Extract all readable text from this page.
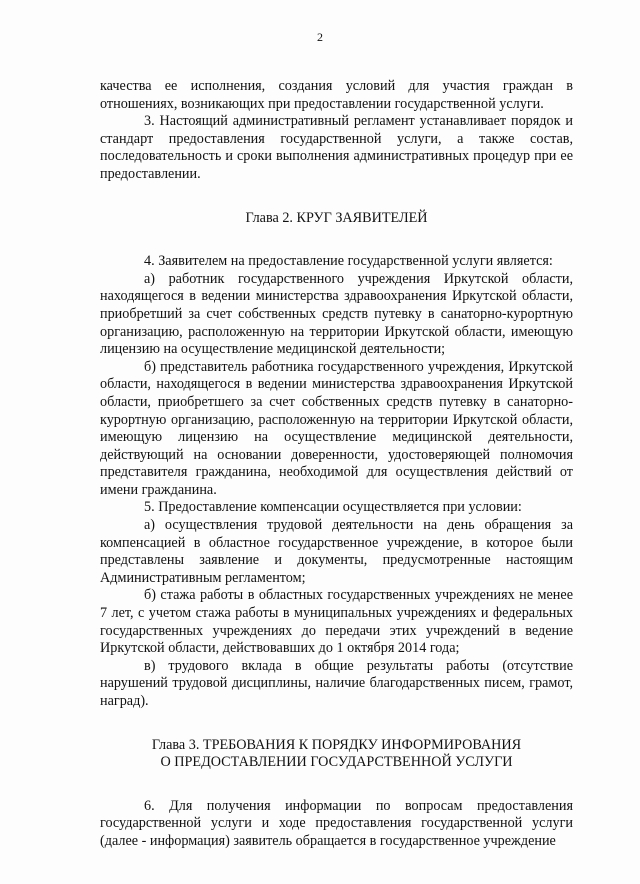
2

качества ее исполнения, создания условий для участия граждан в отношениях, возникающих при предоставлении государственной услуги.

3. Настоящий административный регламент устанавливает порядок и стандарт предоставления государственной услуги, а также состав, последовательность и сроки выполнения административных процедур при ее предоставлении.

Глава 2. КРУГ ЗАЯВИТЕЛЕЙ

4. Заявителем на предоставление государственной услуги является:

а) работник государственного учреждения Иркутской области, находящегося в ведении министерства здравоохранения Иркутской области, приобретший за счет собственных средств путевку в санаторно-курортную организацию, расположенную на территории Иркутской области, имеющую лицензию на осуществление медицинской деятельности;

б) представитель работника государственного учреждения, Иркутской области, находящегося в ведении министерства здравоохранения Иркутской области, приобретшего за счет собственных средств путевку в санаторно-курортную организацию, расположенную на территории Иркутской области, имеющую лицензию на осуществление медицинской деятельности, действующий на основании доверенности, удостоверяющей полномочия представителя гражданина, необходимой для осуществления действий от имени гражданина.

5. Предоставление компенсации осуществляется при условии:

а) осуществления трудовой деятельности на день обращения за компенсацией в областное государственное учреждение, в которое были представлены заявление и документы, предусмотренные настоящим Административным регламентом;

б) стажа работы в областных государственных учреждениях не менее 7 лет, с учетом стажа работы в муниципальных учреждениях и федеральных государственных учреждениях до передачи этих учреждений в ведение Иркутской области, действовавших до 1 октября 2014 года;

в) трудового вклада в общие результаты работы (отсутствие нарушений трудовой дисциплины, наличие благодарственных писем, грамот, наград).

Глава 3. ТРЕБОВАНИЯ К ПОРЯДКУ ИНФОРМИРОВАНИЯ
О ПРЕДОСТАВЛЕНИИ ГОСУДАРСТВЕННОЙ УСЛУГИ

6. Для получения информации по вопросам предоставления государственной услуги и ходе предоставления государственной услуги (далее - информация) заявитель обращается в государственное учреждение
